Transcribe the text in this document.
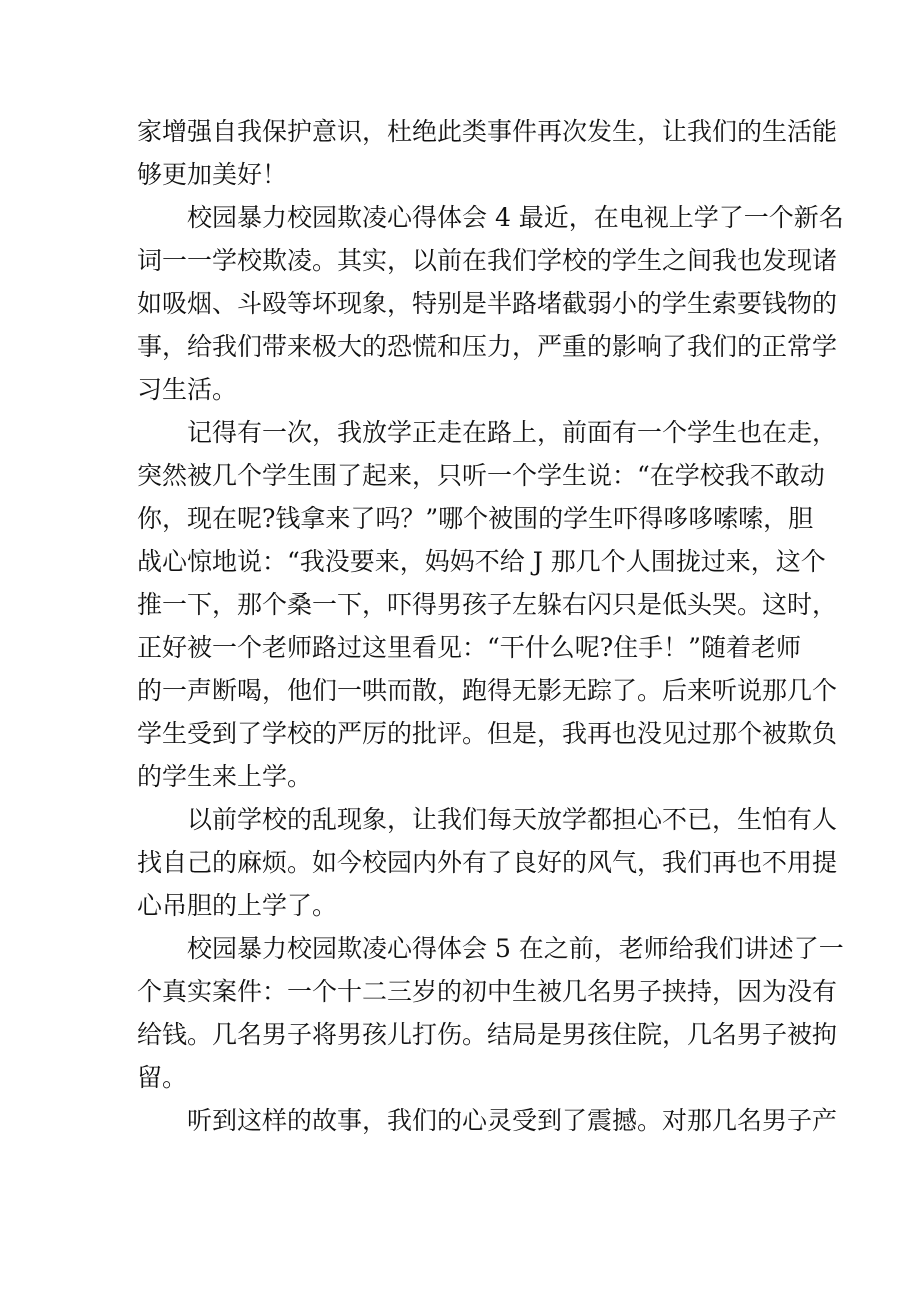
家增强自我保护意识，杜绝此类事件再次发生，让我们的生活能
够更加美好！
校园暴力校园欺凌心得体会 4 最近，在电视上学了一个新名
词一一学校欺凌。其实，以前在我们学校的学生之间我也发现诸
如吸烟、斗殴等坏现象，特别是半路堵截弱小的学生索要钱物的
事，给我们带来极大的恐慌和压力，严重的影响了我们的正常学
习生活。
记得有一次，我放学正走在路上，前面有一个学生也在走，
突然被几个学生围了起来，只听一个学生说：“在学校我不敢动
你，现在呢?钱拿来了吗？”哪个被围的学生吓得哆哆嗦嗦，胆
战心惊地说：“我没要来，妈妈不给 J 那几个人围拢过来，这个
推一下，那个桑一下，吓得男孩子左躲右闪只是低头哭。这时，
正好被一个老师路过这里看见：“干什么呢?住手！”随着老师
的一声断喝，他们一哄而散，跑得无影无踪了。后来听说那几个
学生受到了学校的严厉的批评。但是，我再也没见过那个被欺负
的学生来上学。
以前学校的乱现象，让我们每天放学都担心不已，生怕有人
找自己的麻烦。如今校园内外有了良好的风气，我们再也不用提
心吊胆的上学了。
校园暴力校园欺凌心得体会 5 在之前，老师给我们讲述了一
个真实案件：一个十二三岁的初中生被几名男子挟持，因为没有
给钱。几名男子将男孩儿打伤。结局是男孩住院，几名男子被拘
留。
听到这样的故事，我们的心灵受到了震撼。对那几名男子产
